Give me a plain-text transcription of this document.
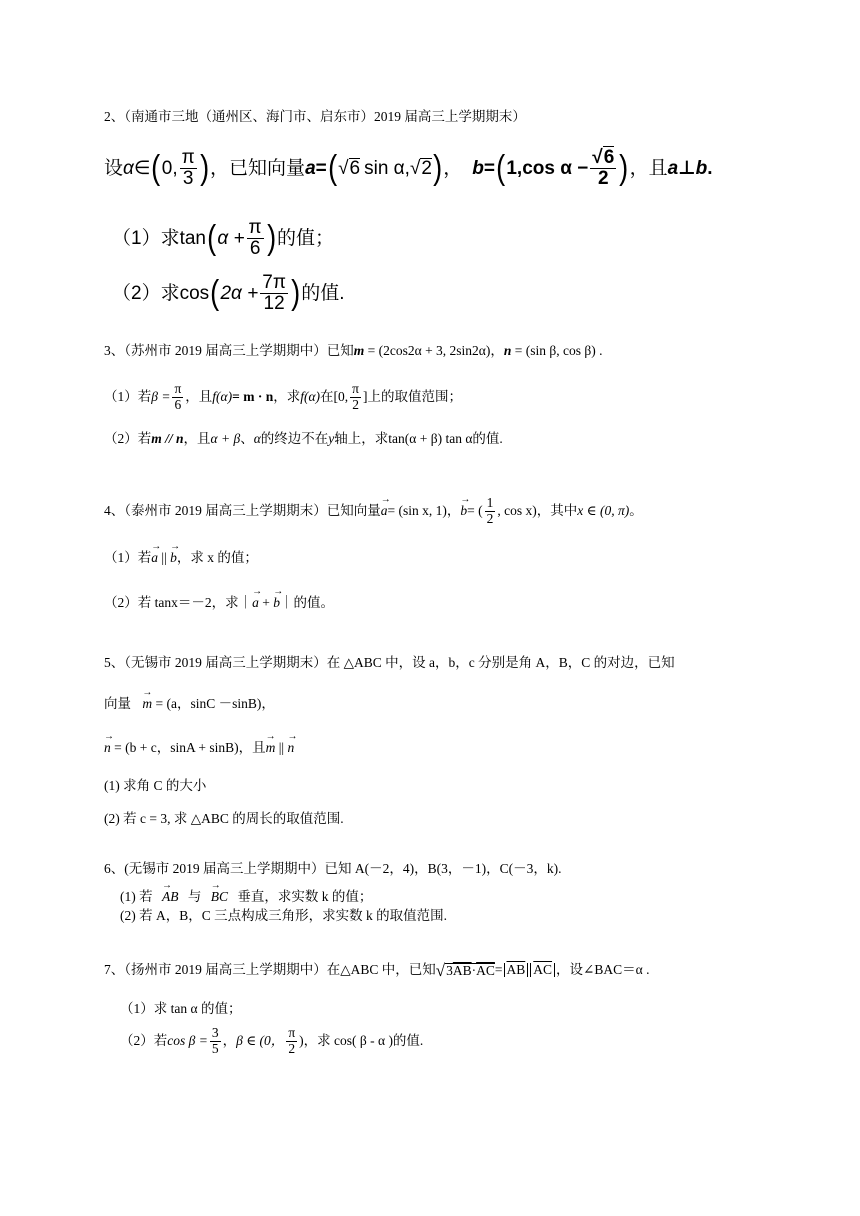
2、（南通市三地（通州区、海门市、启东市）2019 届高三上学期期末）
设 α ∈ ( 0 , $\frac{\pi}{3}$ ) ，已知向量 a = ( √ 6 sin α , √ 2 ) ， b = ( 1 , $\cos \alpha - \frac{√6}{2}$ ) ，且 a ⊥ b .
（1）求 tan ( $\alpha + \frac{\pi}{6}$ ) 的值；
（2）求 cos ( $2\alpha + \frac{7\pi}{12}$ ) 的值.
3、（苏州市 2019 届高三上学期期中）已知m = (2cos2α + 3, 2sin2α)，n = (sin β, cos β) .
（1）若 $\beta = \frac{\pi}{6}$ ，且 f(α) = m · n ，求 f(α) 在 [0, $\frac{\pi}{2}$ ] 上的取值范围；
（2）若m // n，且α + β、α的终边不在y轴上，求tan(α + β) tan α的值.
4、（泰州市 2019 届高三上学期期末）已知向量 → a = (sin x, 1) ， → b = ( $\frac{1}{2}$ , cos x) ，其中 x ∈ (0, π) 。
（1）若→ a || → b，求 x 的值；
（2）若 tanx＝－2，求｜→ a + → b｜的值。
5、（无锡市 2019 届高三上学期期末）在 △ABC 中，设 a，b，c 分别是角 A，B，C 的对边，已知
向量 → m = (a，sinC －sinB)，
→ n = (b + c，sinA + sinB)，且→ m || → n
(1) 求角 C 的大小
(2) 若 c = 3, 求 △ABC 的周长的取值范围.
6、(无锡市 2019 届高三上学期期中）已知 A(－2，4)，B(3，－1)，C(－3，k).
(1) 若 → AB 与 → BC 垂直，求实数 k 的值；
(2) 若 A，B，C 三点构成三角形，求实数 k 的取值范围.
7、（扬州市 2019 届高三上学期期中）在△ABC 中，已知 √ $3\overline{AB}\cdot\overline{AC} = \overline{AB}$ $\overline{AC}$ ，设∠BAC＝α .
（1）求 tan α 的值；
（2）若 $\cos \beta = \frac{3}{5}$ ， β ∈ (0， $\frac{\pi}{2}$ )，求 cos( β - α )的值.
